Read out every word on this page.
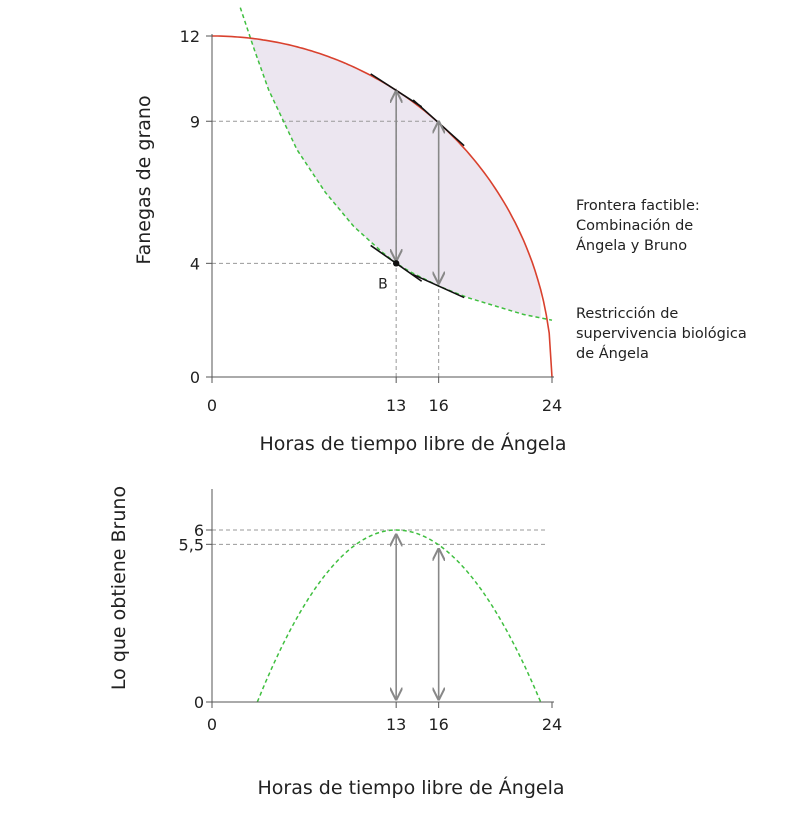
B
0
4
9
12
0	13 16	24
Horas de tiempo libre de Ángela
Fanegas de grano	Frontera factible:
Combinación de
Ángela y Bruno
Restricción de
supervivencia biológica
de Ángela
0
5,5
6
0	13 16	24
Horas de tiempo libre de Ángela
Lo que obtiene Bruno
